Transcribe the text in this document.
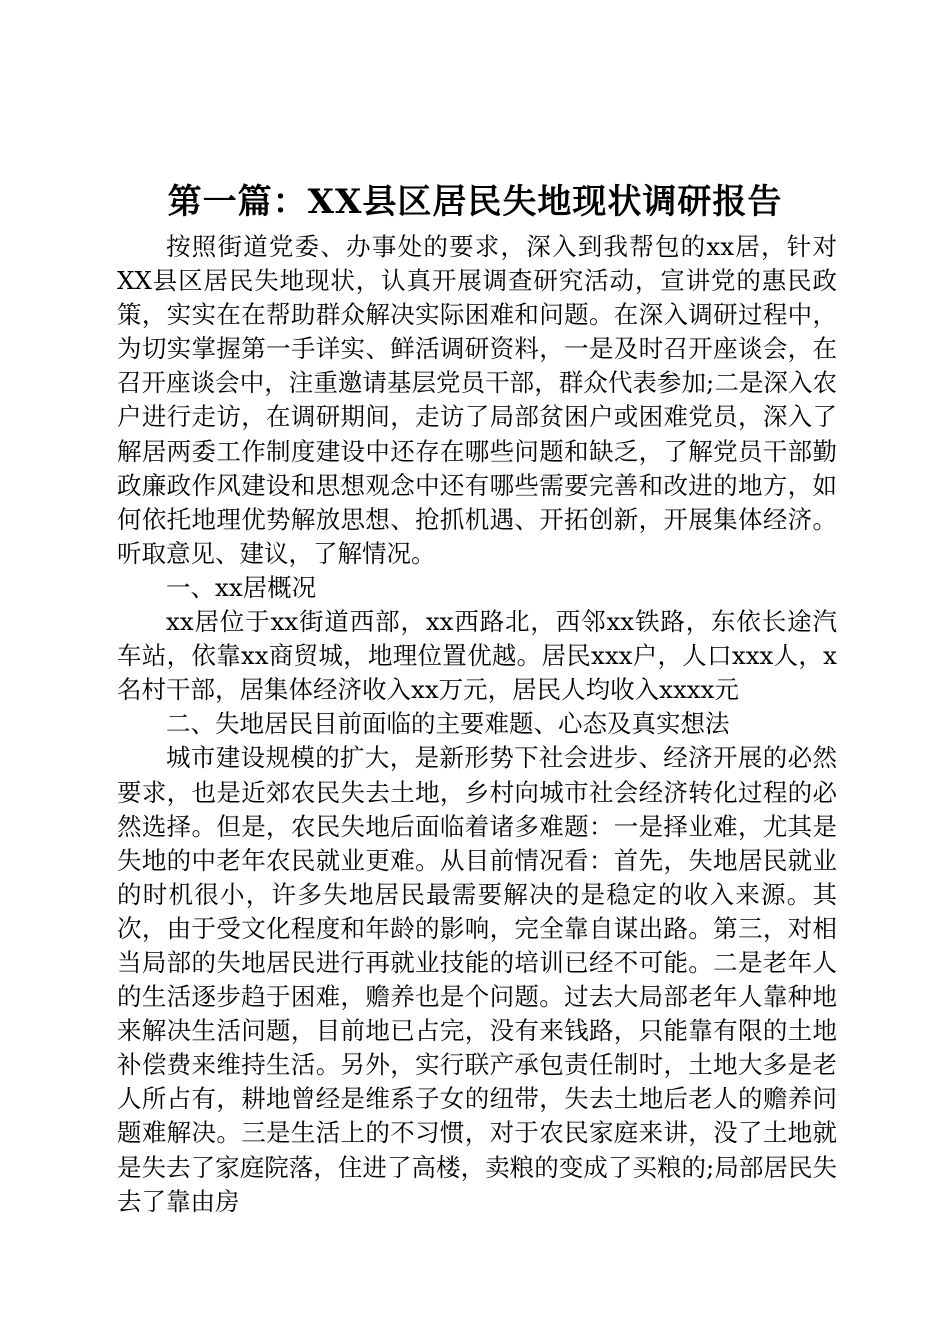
第一篇：XX县区居民失地现状调研报告

按照街道党委、办事处的要求，深入到我帮包的xx居，针对XX县区居民失地现状，认真开展调查研究活动，宣讲党的惠民政策，实实在在帮助群众解决实际困难和问题。在深入调研过程中，为切实掌握第一手详实、鲜活调研资料，一是及时召开座谈会，在召开座谈会中，注重邀请基层党员干部，群众代表参加;二是深入农户进行走访，在调研期间，走访了局部贫困户或困难党员，深入了解居两委工作制度建设中还存在哪些问题和缺乏，了解党员干部勤政廉政作风建设和思想观念中还有哪些需要完善和改进的地方，如何依托地理优势解放思想、抢抓机遇、开拓创新，开展集体经济。听取意见、建议，了解情况。

一、xx居概况

xx居位于xx街道西部，xx西路北，西邻xx铁路，东依长途汽车站，依靠xx商贸城，地理位置优越。居民xxx户，人口xxx人，x名村干部，居集体经济收入xx万元，居民人均收入xxxx元

二、失地居民目前面临的主要难题、心态及真实想法

城市建设规模的扩大，是新形势下社会进步、经济开展的必然要求，也是近郊农民失去土地，乡村向城市社会经济转化过程的必然选择。但是，农民失地后面临着诸多难题：一是择业难，尤其是失地的中老年农民就业更难。从目前情况看：首先，失地居民就业的时机很小，许多失地居民最需要解决的是稳定的收入来源。其次，由于受文化程度和年龄的影响，完全靠自谋出路。第三，对相当局部的失地居民进行再就业技能的培训已经不可能。二是老年人的生活逐步趋于困难，赡养也是个问题。过去大局部老年人靠种地来解决生活问题，目前地已占完，没有来钱路，只能靠有限的土地补偿费来维持生活。另外，实行联产承包责任制时，土地大多是老人所占有，耕地曾经是维系子女的纽带，失去土地后老人的赡养问题难解决。三是生活上的不习惯，对于农民家庭来讲，没了土地就是失去了家庭院落，住进了高楼，卖粮的变成了买粮的;局部居民失去了靠由房
